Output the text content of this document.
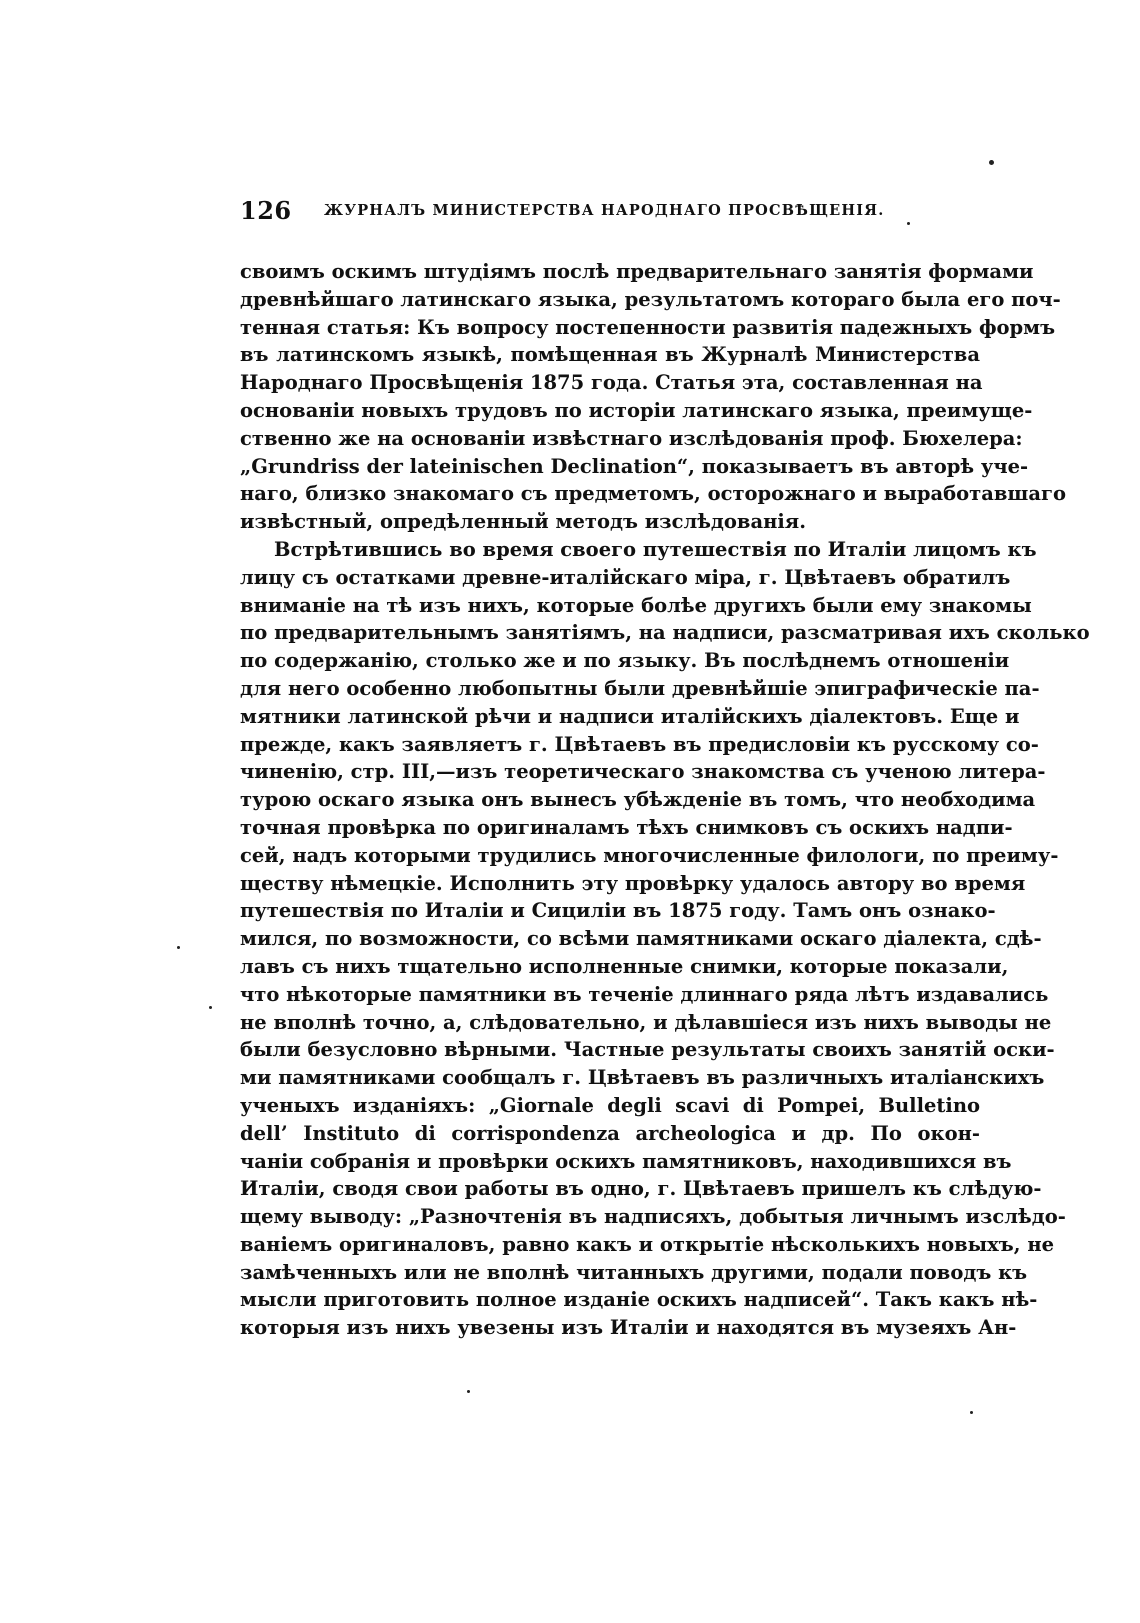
126 ЖУРНАЛЪ МИНИСТЕРСТВА НАРОДНАГО ПРОСВѢЩЕНІЯ.
своимъ оскимъ штудіямъ послѣ предварительнаго занятія формами
древнѣйшаго латинскаго языка, результатомъ котораго была его поч-
тенная статья: Къ вопросу постепенности развитія падежныхъ формъ
въ латинскомъ языкѣ, помѣщенная въ Журналѣ Министерства
Народнаго Просвѣщенія 1875 года. Статья эта, составленная на
основаніи новыхъ трудовъ по исторіи латинскаго языка, преимуще-
ственно же на основаніи извѣстнаго изслѣдованія проф. Бюхелера:
„Grundriss der lateinischen Declination“, показываетъ въ авторѣ уче-
наго, близко знакомаго съ предметомъ, осторожнаго и выработавшаго
извѣстный, опредѣленный методъ изслѣдованія.
Встрѣтившись во время своего путешествія по Италіи лицомъ къ
лицу съ остатками древне-италійскаго міра, г. Цвѣтаевъ обратилъ
вниманіе на тѣ изъ нихъ, которые болѣе другихъ были ему знакомы
по предварительнымъ занятіямъ, на надписи, разсматривая ихъ сколько
по содержанію, столько же и по языку. Въ послѣднемъ отношеніи
для него особенно любопытны были древнѣйшіе эпиграфическіе па-
мятники латинской рѣчи и надписи италійскихъ діалектовъ. Еще и
прежде, какъ заявляетъ г. Цвѣтаевъ въ предисловіи къ русскому со-
чиненію, стр. III,—изъ теоретическаго знакомства съ ученою литера-
турою оскаго языка онъ вынесъ убѣжденіе въ томъ, что необходима
точная провѣрка по оригиналамъ тѣхъ снимковъ съ оскихъ надпи-
сей, надъ которыми трудились многочисленные филологи, по преиму-
ществу нѣмецкіе. Исполнить эту провѣрку удалось автору во время
путешествія по Италіи и Сициліи въ 1875 году. Тамъ онъ ознако-
мился, по возможности, со всѣми памятниками оскаго діалекта, сдѣ-
лавъ съ нихъ тщательно исполненные снимки, которые показали,
что нѣкоторые памятники въ теченіе длиннаго ряда лѣтъ издавались
не вполнѣ точно, а, слѣдовательно, и дѣлавшіеся изъ нихъ выводы не
были безусловно вѣрными. Частные результаты своихъ занятій оски-
ми памятниками сообщалъ г. Цвѣтаевъ въ различныхъ италіанскихъ
ученыхъ изданіяхъ: „Giornale degli scavi di Pompei, Bulletino
dell’ Instituto di corrispondenza archeologica и др. По окон-
чаніи собранія и провѣрки оскихъ памятниковъ, находившихся въ
Италіи, сводя свои работы въ одно, г. Цвѣтаевъ пришелъ къ слѣдую-
щему выводу: „Разночтенія въ надписяхъ, добытыя личнымъ изслѣдо-
ваніемъ оригиналовъ, равно какъ и открытіе нѣсколькихъ новыхъ, не
замѣченныхъ или не вполнѣ читанныхъ другими, подали поводъ къ
мысли приготовить полное изданіе оскихъ надписей“. Такъ какъ нѣ-
которыя изъ нихъ увезены изъ Италіи и находятся въ музеяхъ Ан-
